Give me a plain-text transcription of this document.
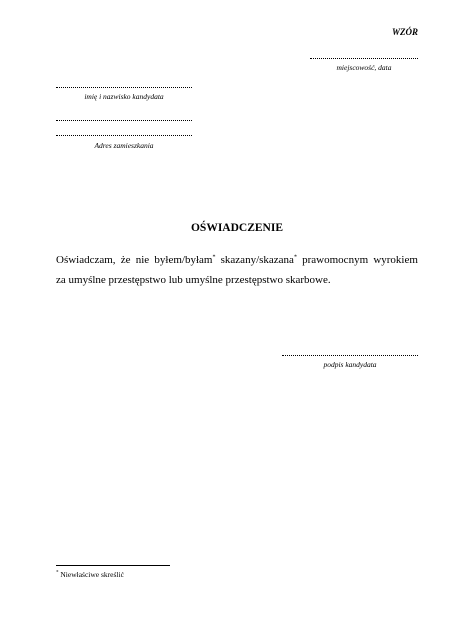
WZÓR
miejscowość, data
imię i nazwisko kandydata
Adres zamieszkania
OŚWIADCZENIE
Oświadczam, że nie byłem/byłam* skazany/skazana* prawomocnym wyrokiem
za umyślne przestępstwo lub umyślne przestępstwo skarbowe.
podpis kandydata
* Niewłaściwe skreślić
